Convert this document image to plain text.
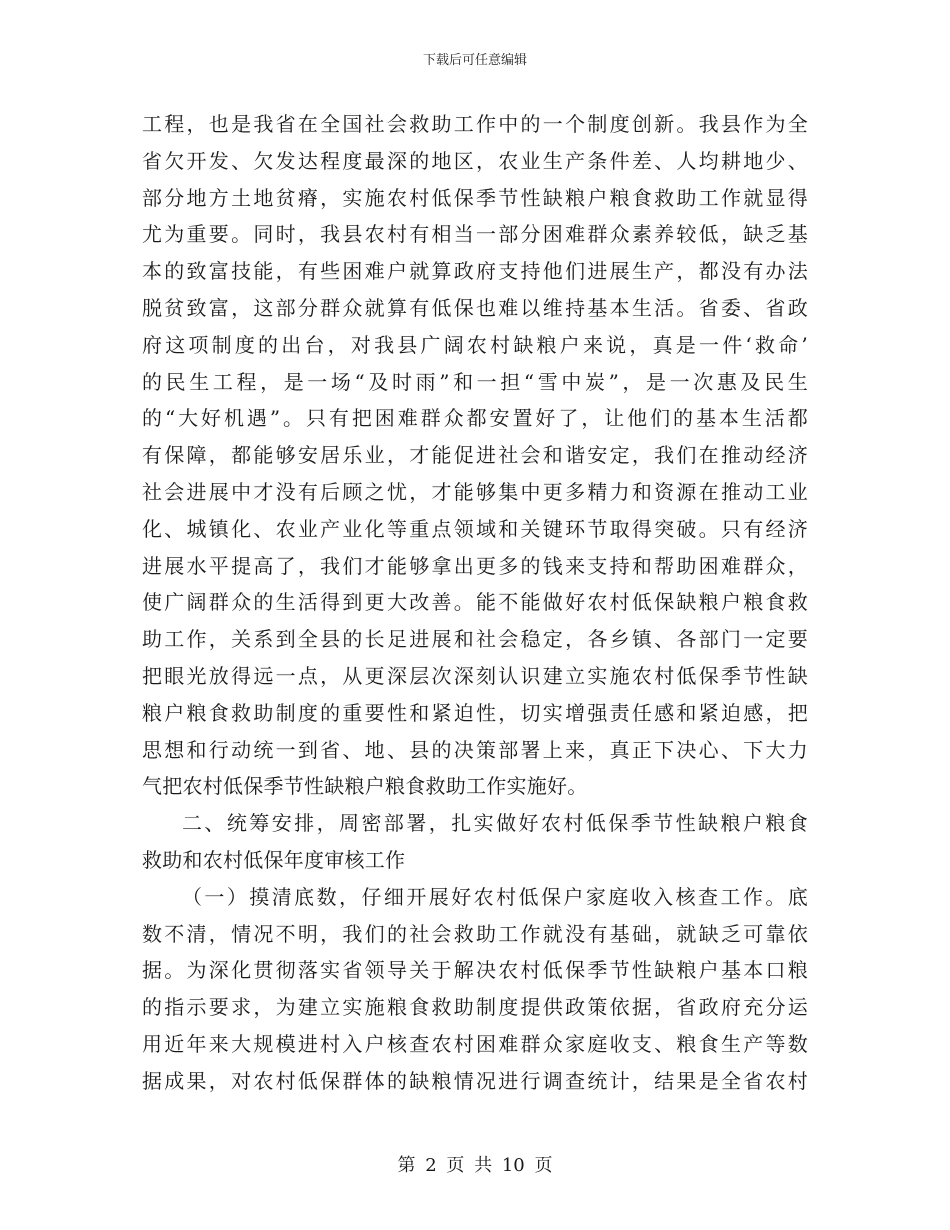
下载后可任意编辑
工程，也是我省在全国社会救助工作中的一个制度创新。我县作为全
省欠开发、欠发达程度最深的地区，农业生产条件差、人均耕地少、
部分地方土地贫瘠，实施农村低保季节性缺粮户粮食救助工作就显得
尤为重要。同时，我县农村有相当一部分困难群众素养较低，缺乏基
本的致富技能，有些困难户就算政府支持他们进展生产，都没有办法
脱贫致富，这部分群众就算有低保也难以维持基本生活。省委、省政
府这项制度的出台，对我县广阔农村缺粮户来说，真是一件‘救命’
的民生工程，是一场“及时雨”和一担“雪中炭”，是一次惠及民生
的“大好机遇”。只有把困难群众都安置好了，让他们的基本生活都
有保障，都能够安居乐业，才能促进社会和谐安定，我们在推动经济
社会进展中才没有后顾之忧，才能够集中更多精力和资源在推动工业
化、城镇化、农业产业化等重点领域和关键环节取得突破。只有经济
进展水平提高了，我们才能够拿出更多的钱来支持和帮助困难群众，
使广阔群众的生活得到更大改善。能不能做好农村低保缺粮户粮食救
助工作，关系到全县的长足进展和社会稳定，各乡镇、各部门一定要
把眼光放得远一点，从更深层次深刻认识建立实施农村低保季节性缺
粮户粮食救助制度的重要性和紧迫性，切实增强责任感和紧迫感，把
思想和行动统一到省、地、县的决策部署上来，真正下决心、下大力
气把农村低保季节性缺粮户粮食救助工作实施好。
二、统筹安排，周密部署，扎实做好农村低保季节性缺粮户粮食
救助和农村低保年度审核工作
（一）摸清底数，仔细开展好农村低保户家庭收入核查工作。底
数不清，情况不明，我们的社会救助工作就没有基础，就缺乏可靠依
据。为深化贯彻落实省领导关于解决农村低保季节性缺粮户基本口粮
的指示要求，为建立实施粮食救助制度提供政策依据，省政府充分运
用近年来大规模进村入户核查农村困难群众家庭收支、粮食生产等数
据成果，对农村低保群体的缺粮情况进行调查统计，结果是全省农村
第 2 页 共 10 页
